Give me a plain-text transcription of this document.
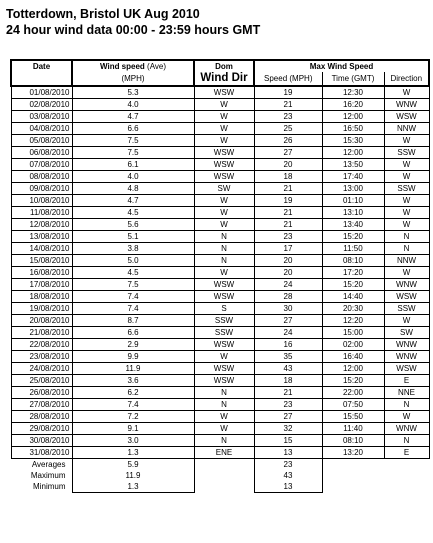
Totterdown, Bristol UK Aug 2010
24 hour wind data 00:00 - 23:59 hours GMT
Date	Wind speed (Ave)	Dom	Max Wind Speed		
	(MPH)	Wind Dir	Speed (MPH)	Time (GMT)	Direction
01/08/2010	5.3	WSW	19	12:30	W
02/08/2010	4.0	W	21	16:20	WNW
03/08/2010	4.7	W	23	12:00	WSW
04/08/2010	6.6	W	25	16:50	NNW
05/08/2010	7.5	W	26	15:30	W
06/08/2010	7.5	WSW	27	12:00	SSW
07/08/2010	6.1	WSW	20	13:50	W
08/08/2010	4.0	WSW	18	17:40	W
09/08/2010	4.8	SW	21	13:00	SSW
10/08/2010	4.7	W	19	01:10	W
11/08/2010	4.5	W	21	13:10	W
12/08/2010	5.6	W	21	13:40	W
13/08/2010	5.1	N	23	15:20	N
14/08/2010	3.8	N	17	11:50	N
15/08/2010	5.0	N	20	08:10	NNW
16/08/2010	4.5	W	20	17:20	W
17/08/2010	7.5	WSW	24	15:20	WNW
18/08/2010	7.4	WSW	28	14:40	WSW
19/08/2010	7.4	S	30	20:30	SSW
20/08/2010	8.7	SSW	27	12:20	W
21/08/2010	6.6	SSW	24	15:00	SW
22/08/2010	2.9	WSW	16	02:00	WNW
23/08/2010	9.9	W	35	16:40	WNW
24/08/2010	11.9	WSW	43	12:00	WSW
25/08/2010	3.6	WSW	18	15:20	E
26/08/2010	6.2	N	21	22:00	NNE
27/08/2010	7.4	N	23	07:50	N
28/08/2010	7.2	W	27	15:50	W
29/08/2010	9.1	W	32	11:40	WNW
30/08/2010	3.0	N	15	08:10	N
31/08/2010	1.3	ENE	13	13:20	E
Averages	5.9		23		
Maximum	11.9		43		
Minimum	1.3		13		
